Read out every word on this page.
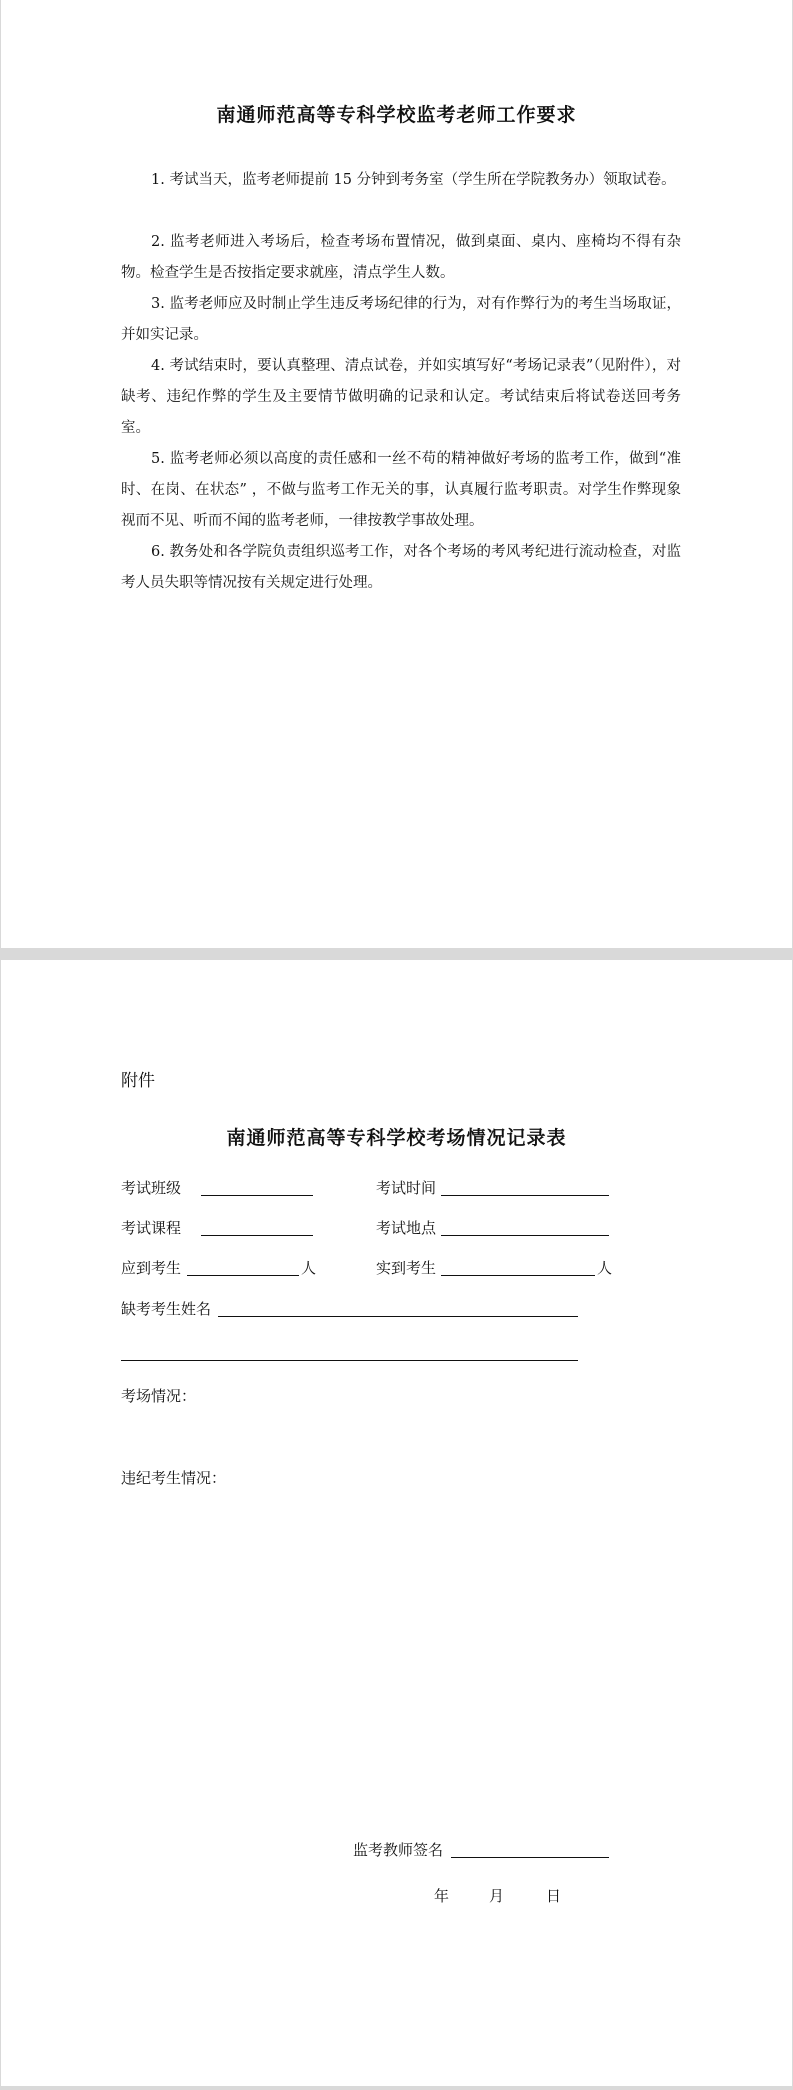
南通师范高等专科学校监考老师工作要求

1. 考试当天，监考老师提前 15 分钟到考务室（学生所在学院教务办）领取试卷。

2. 监考老师进入考场后，检查考场布置情况，做到桌面、桌内、座椅均不得有杂物。检查学生是否按指定要求就座，清点学生人数。

3. 监考老师应及时制止学生违反考场纪律的行为，对有作弊行为的考生当场取证，并如实记录。

4. 考试结束时，要认真整理、清点试卷，并如实填写好“考场记录表”（见附件），对缺考、违纪作弊的学生及主要情节做明确的记录和认定。考试结束后将试卷送回考务室。

5. 监考老师必须以高度的责任感和一丝不苟的精神做好考场的监考工作，做到“准时、在岗、在状态” ，不做与监考工作无关的事，认真履行监考职责。对学生作弊现象视而不见、听而不闻的监考老师，一律按教学事故处理。

6. 教务处和各学院负责组织巡考工作，对各个考场的考风考纪进行流动检查，对监考人员失职等情况按有关规定进行处理。

附件
南通师范高等专科学校考场情况记录表
考试班级	考试时间
考试课程	考试地点
应到考生	人	实到考生	人
缺考考生姓名
考场情况：
违纪考生情况：
监考教师签名
年	月	日
